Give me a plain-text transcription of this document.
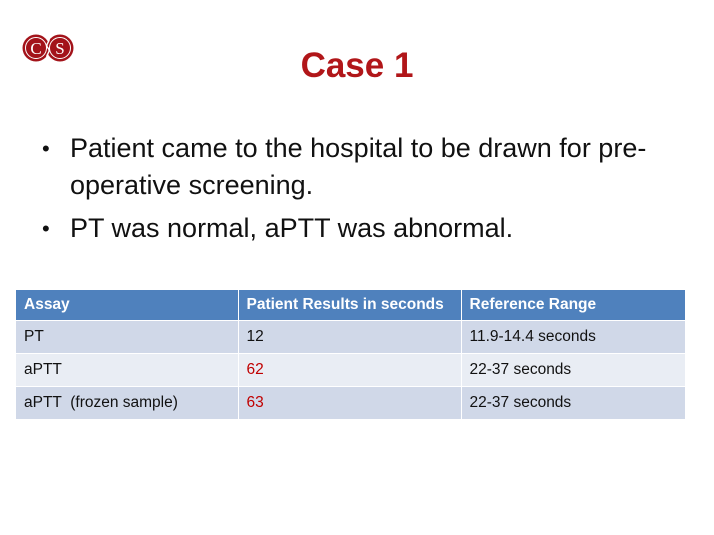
C S	Case 1
• Patient came to the hospital to be drawn for pre-operative screening.
• PT was normal, aPTT was abnormal.
Assay	Patient Results in seconds	Reference Range
PT	12	11.9-14.4 seconds
aPTT	62	22-37 seconds
aPTT  (frozen sample)	63	22-37 seconds
